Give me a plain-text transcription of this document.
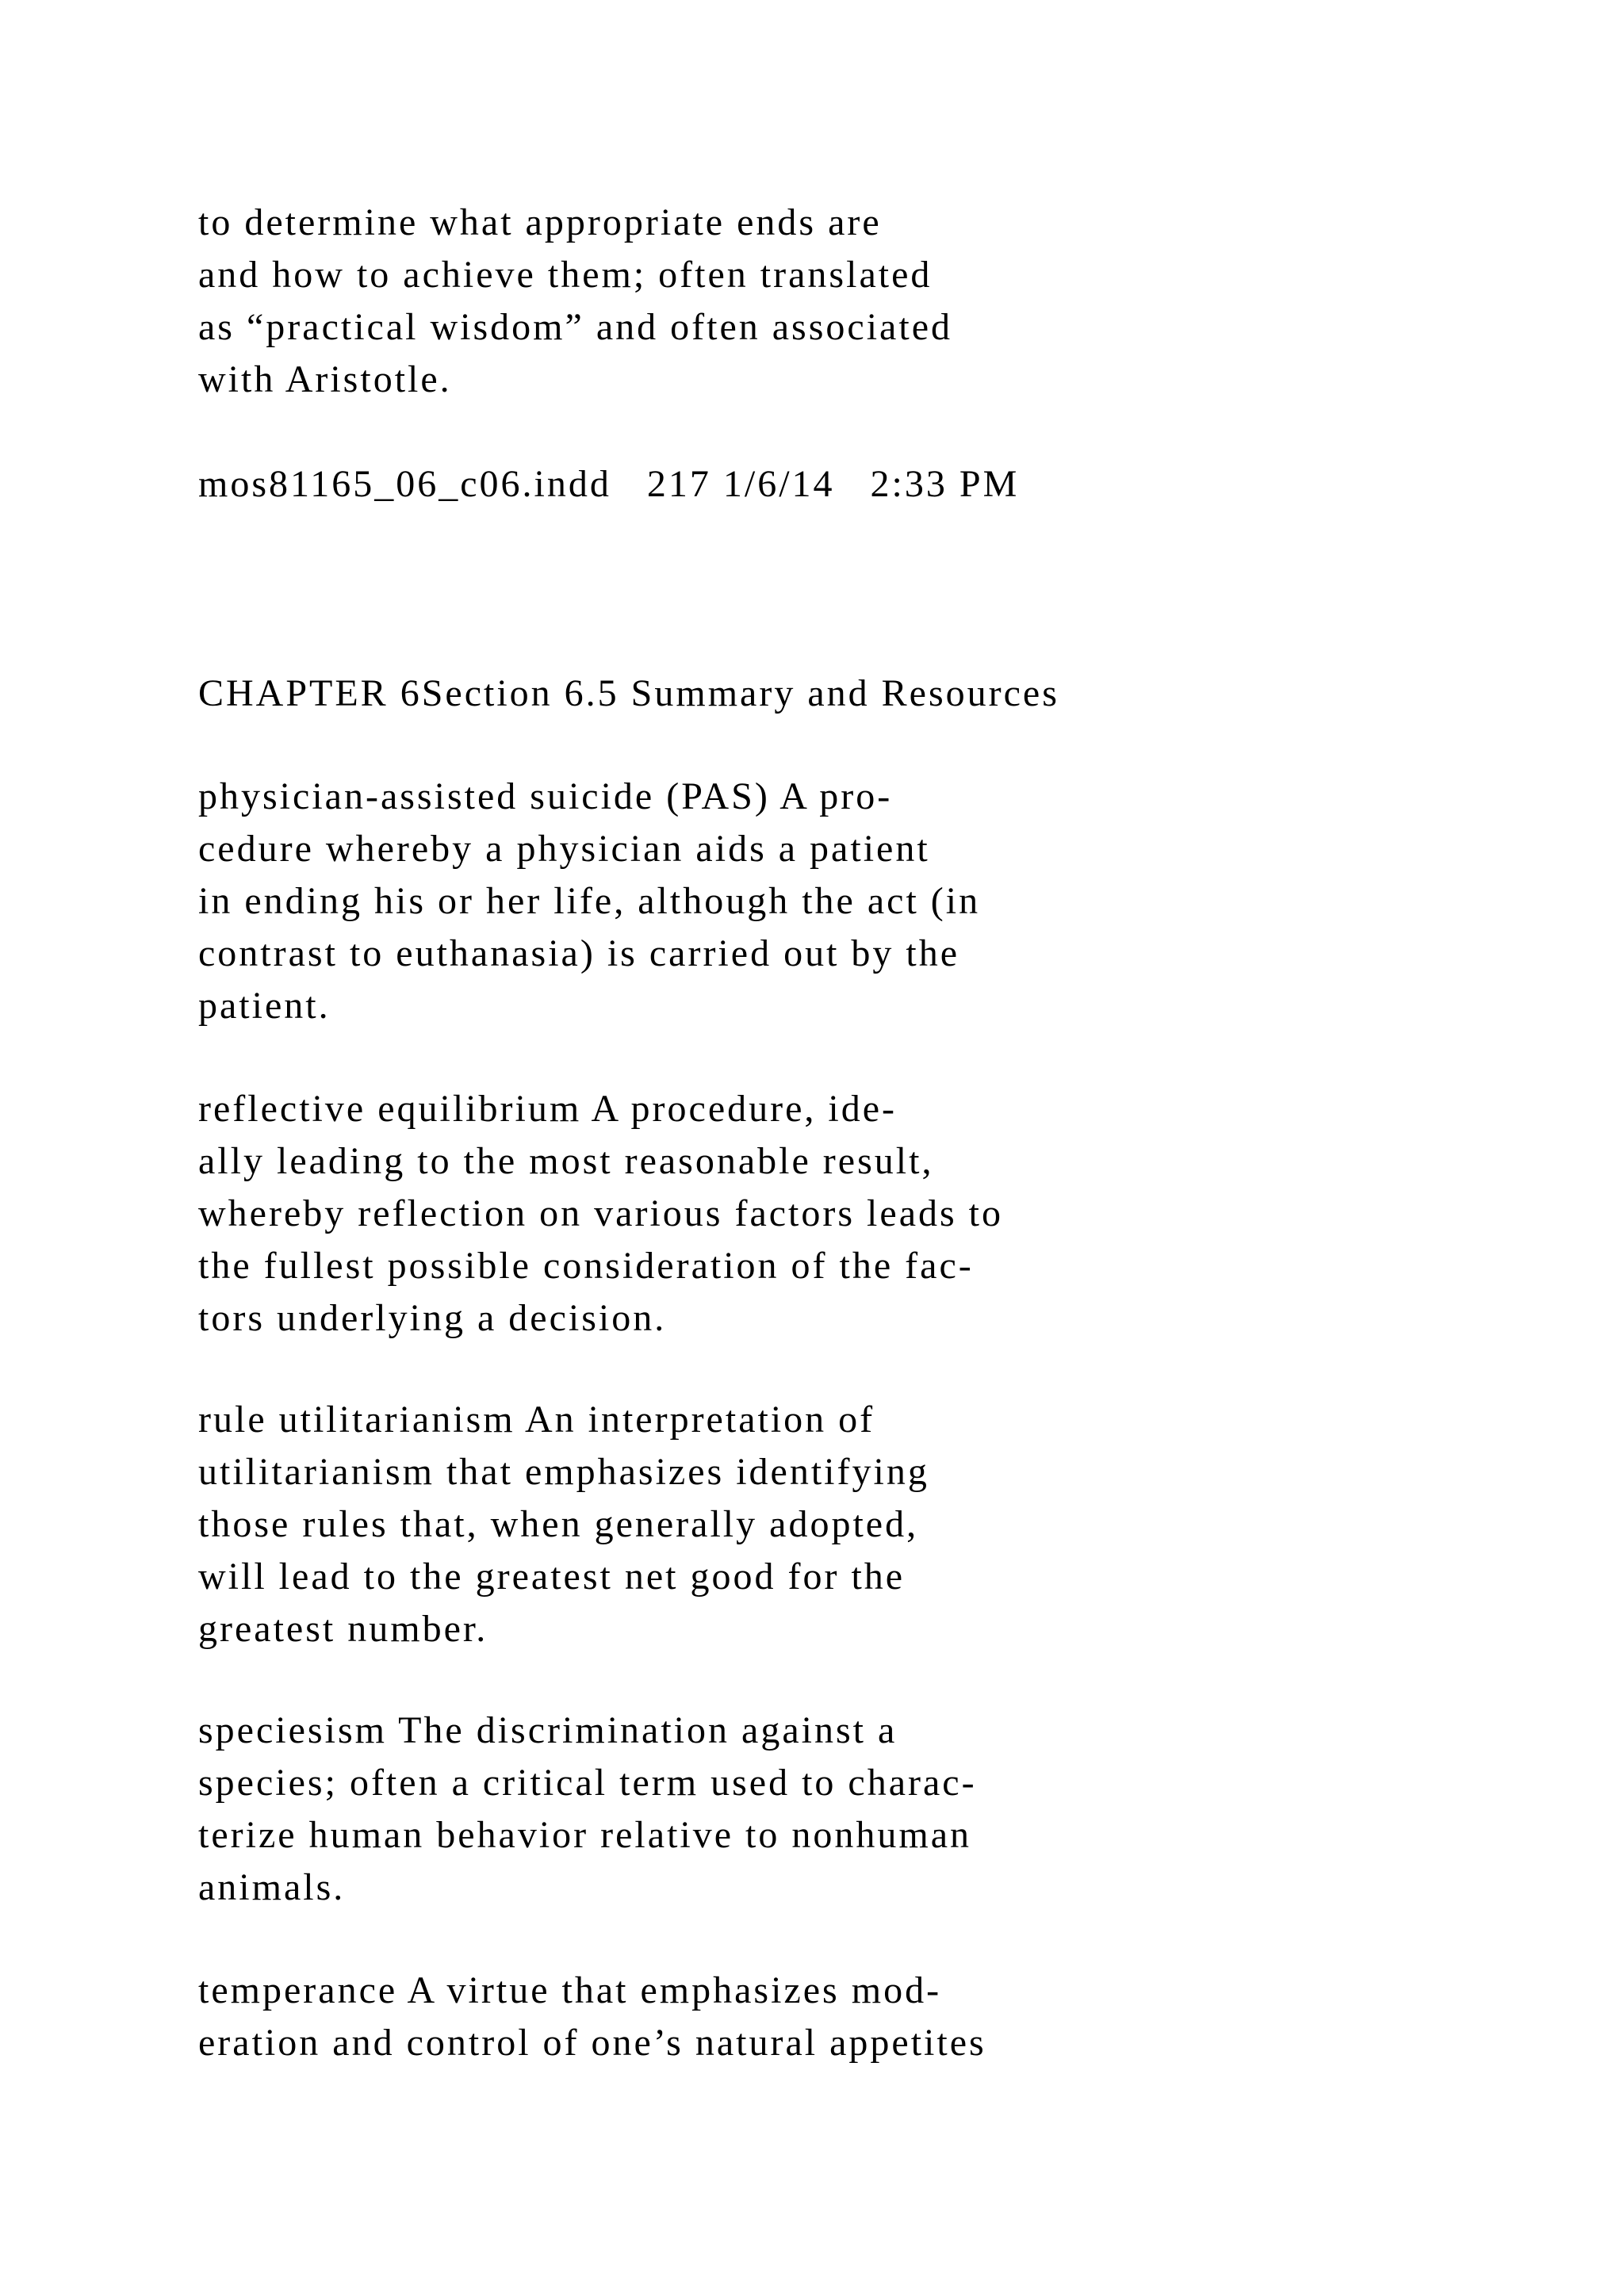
to determine what appropriate ends are
and how to achieve them; often translated
as “practical wisdom” and often associated
with Aristotle.
mos81165_06_c06.indd   217 1/6/14   2:33 PM
CHAPTER 6Section 6.5 Summary and Resources
physician-assisted suicide (PAS) A pro-
cedure whereby a physician aids a patient
in ending his or her life, although the act (in
contrast to euthanasia) is carried out by the
patient.
reflective equilibrium A procedure, ide-
ally leading to the most reasonable result,
whereby reflection on various factors leads to
the fullest possible consideration of the fac-
tors underlying a decision.
rule utilitarianism An interpretation of
utilitarianism that emphasizes identifying
those rules that, when generally adopted,
will lead to the greatest net good for the
greatest number.
speciesism The discrimination against a
species; often a critical term used to charac-
terize human behavior relative to nonhuman
animals.
temperance A virtue that emphasizes mod-
eration and control of one’s natural appetites
